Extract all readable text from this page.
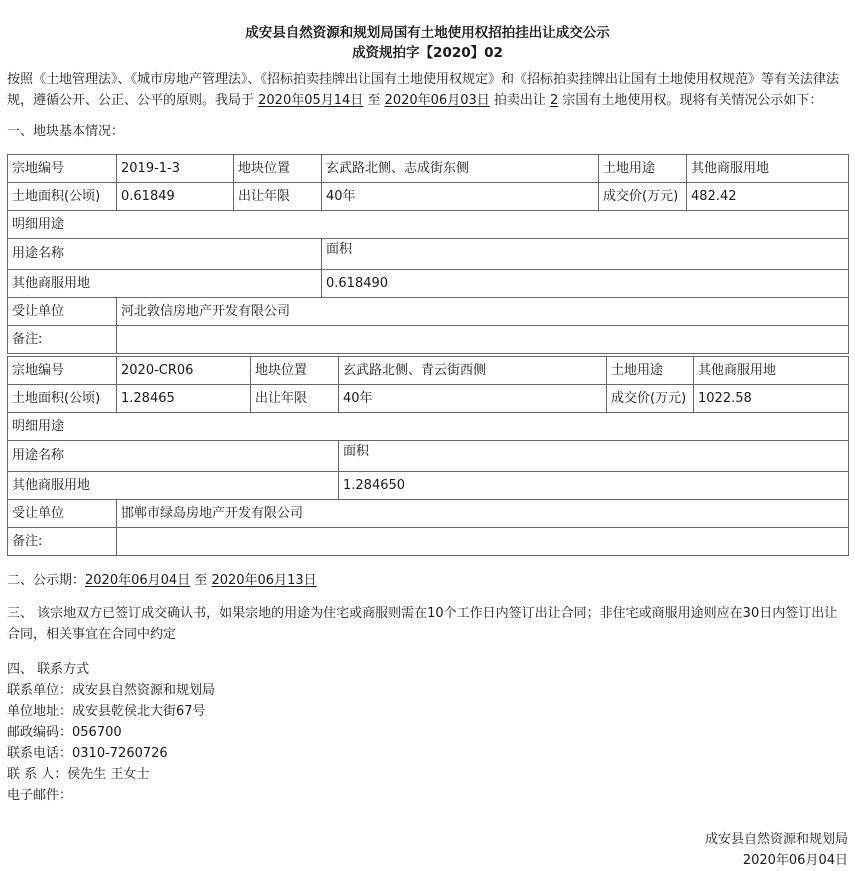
成安县自然资源和规划局国有土地使用权招拍挂出让成交公示
成资规拍字【2020】02
按照《土地管理法》、《城市房地产管理法》、《招标拍卖挂牌出让国有土地使用权规定》和《招标拍卖挂牌出让国有土地使用权规范》等有关法律法规，遵循公开、公正、公平的原则。我局于 2020年05月14日 至 2020年06月03日 拍卖出让 2 宗国有土地使用权。现将有关情况公示如下：
一、地块基本情况：
宗地编号	2019-1-3	地块位置	玄武路北侧、志成街东侧	土地用途	其他商服用地
土地面积(公顷)	0.61849	出让年限	40年	成交价(万元)	482.42
明细用途					
用途名称			面积		
其他商服用地			0.618490		
受让单位	河北敦信房地产开发有限公司				
备注:					
宗地编号	2020-CR06	地块位置	玄武路北侧、青云街西侧	土地用途	其他商服用地
土地面积(公顷)	1.28465	出让年限	40年	成交价(万元)	1022.58
明细用途					
用途名称			面积		
其他商服用地			1.284650		
受让单位	邯郸市绿岛房地产开发有限公司				
备注:					
二、公示期：2020年06月04日 至 2020年06月13日
三、 该宗地双方已签订成交确认书，如果宗地的用途为住宅或商服则需在10个工作日内签订出让合同；非住宅或商服用途则应在30日内签订出让合同，相关事宜在合同中约定
四、 联系方式
联系单位：成安县自然资源和规划局
单位地址：成安县乾侯北大街67号
邮政编码：056700
联系电话：0310-7260726
联 系 人：侯先生 王女士
电子邮件：
成安县自然资源和规划局
2020年06月04日
